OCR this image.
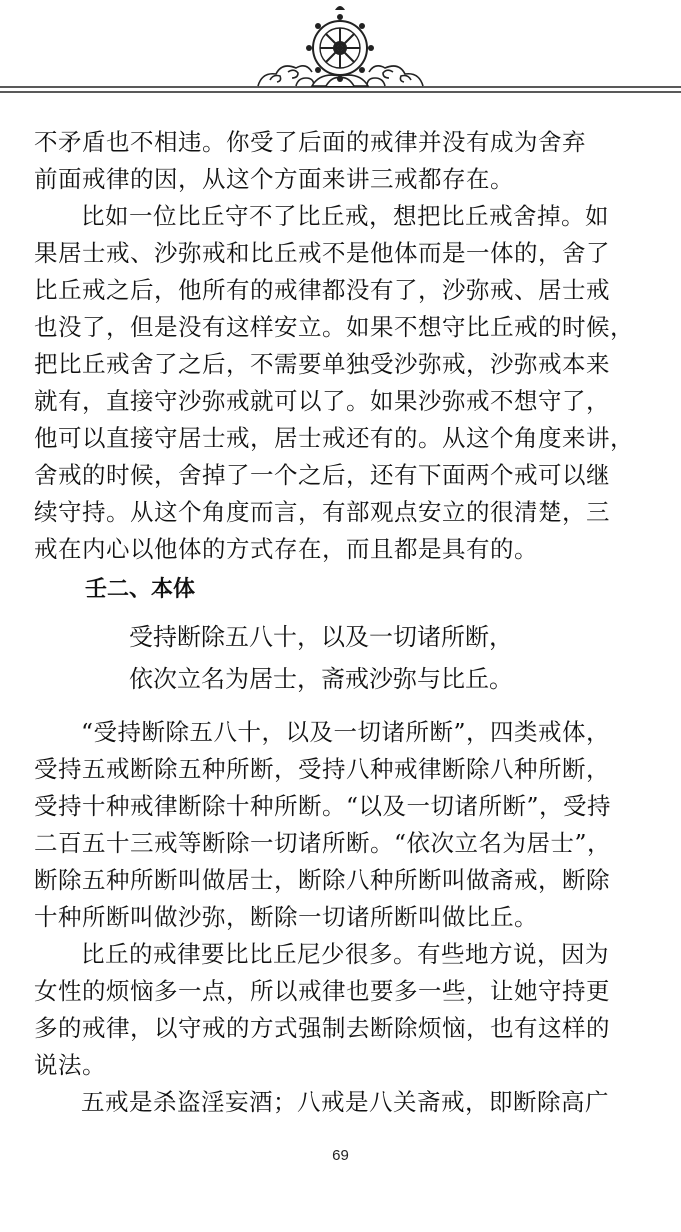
不矛盾也不相违。你受了后面的戒律并没有成为舍弃
前面戒律的因，从这个方面来讲三戒都存在。
比如一位比丘守不了比丘戒，想把比丘戒舍掉。如
果居士戒、沙弥戒和比丘戒不是他体而是一体的，舍了
比丘戒之后，他所有的戒律都没有了，沙弥戒、居士戒
也没了，但是没有这样安立。如果不想守比丘戒的时候，
把比丘戒舍了之后，不需要单独受沙弥戒，沙弥戒本来
就有，直接守沙弥戒就可以了。如果沙弥戒不想守了，
他可以直接守居士戒，居士戒还有的。从这个角度来讲，
舍戒的时候，舍掉了一个之后，还有下面两个戒可以继
续守持。从这个角度而言，有部观点安立的很清楚，三
戒在内心以他体的方式存在，而且都是具有的。
壬二、本体
受持断除五八十，以及一切诸所断，
依次立名为居士，斋戒沙弥与比丘。
“受持断除五八十，以及一切诸所断”，四类戒体，
受持五戒断除五种所断，受持八种戒律断除八种所断，
受持十种戒律断除十种所断。“以及一切诸所断”，受持
二百五十三戒等断除一切诸所断。“依次立名为居士”，
断除五种所断叫做居士，断除八种所断叫做斋戒，断除
十种所断叫做沙弥，断除一切诸所断叫做比丘。
比丘的戒律要比比丘尼少很多。有些地方说，因为
女性的烦恼多一点，所以戒律也要多一些，让她守持更
多的戒律，以守戒的方式强制去断除烦恼，也有这样的
说法。
五戒是杀盗淫妄酒；八戒是八关斋戒，即断除高广
69
